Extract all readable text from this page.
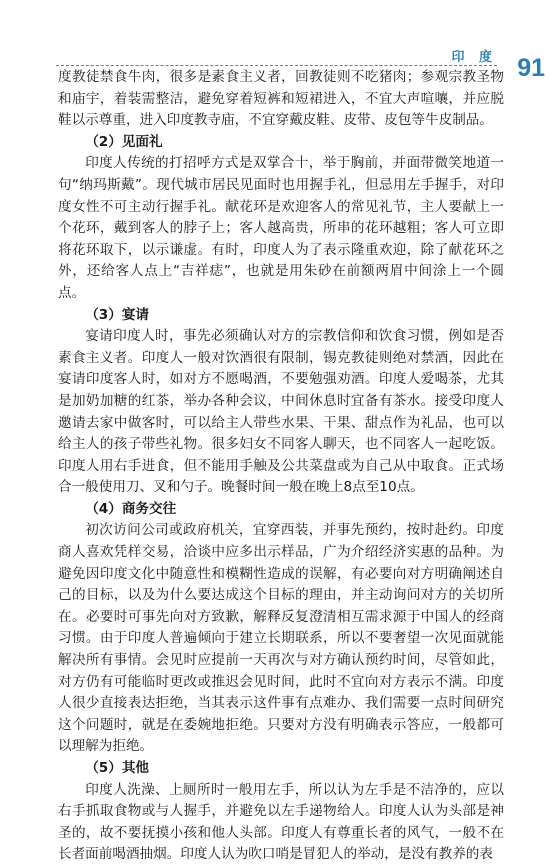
印 度 91

度教徒禁食牛肉，很多是素食主义者，回教徒则不吃猪肉；参观宗教圣物和庙宇，着装需整洁，避免穿着短裤和短裙进入，不宜大声喧嚷，并应脱鞋以示尊重，进入印度教寺庙，不宜穿戴皮鞋、皮带、皮包等牛皮制品。

（2）见面礼

印度人传统的打招呼方式是双掌合十，举于胸前，并面带微笑地道一句“纳玛斯戴”。现代城市居民见面时也用握手礼，但忌用左手握手，对印度女性不可主动行握手礼。献花环是欢迎客人的常见礼节，主人要献上一个花环，戴到客人的脖子上；客人越高贵，所串的花环越粗；客人可立即将花环取下，以示谦虚。有时，印度人为了表示隆重欢迎，除了献花环之外，还给客人点上“吉祥痣”，也就是用朱砂在前额两眉中间涂上一个圆点。

（3）宴请

宴请印度人时，事先必须确认对方的宗教信仰和饮食习惯，例如是否素食主义者。印度人一般对饮酒很有限制，锡克教徒则绝对禁酒，因此在宴请印度客人时，如对方不愿喝酒，不要勉强劝酒。印度人爱喝茶，尤其是加奶加糖的红茶，举办各种会议，中间休息时宜备有茶水。接受印度人邀请去家中做客时，可以给主人带些水果、干果、甜点作为礼品，也可以给主人的孩子带些礼物。很多妇女不同客人聊天，也不同客人一起吃饭。印度人用右手进食，但不能用手触及公共菜盘或为自己从中取食。正式场合一般使用刀、叉和勺子。晚餐时间一般在晚上8点至10点。

（4）商务交往

初次访问公司或政府机关，宜穿西装，并事先预约，按时赴约。印度商人喜欢凭样交易，洽谈中应多出示样品，广为介绍经济实惠的品种。为避免因印度文化中随意性和模糊性造成的误解，有必要向对方明确阐述自己的目标，以及为什么要达成这个目标的理由，并主动询问对方的关切所在。必要时可事先向对方致歉，解释反复澄清相互需求源于中国人的经商习惯。由于印度人普遍倾向于建立长期联系，所以不要奢望一次见面就能解决所有事情。会见时应提前一天再次与对方确认预约时间，尽管如此，对方仍有可能临时更改或推迟会见时间，此时不宜向对方表示不满。印度人很少直接表达拒绝，当其表示这件事有点难办、我们需要一点时间研究这个问题时，就是在委婉地拒绝。只要对方没有明确表示答应，一般都可以理解为拒绝。

（5）其他

印度人洗澡、上厕所时一般用左手，所以认为左手是不洁净的，应以右手抓取食物或与人握手，并避免以左手递物给人。印度人认为头部是神圣的，故不要抚摸小孩和他人头部。印度人有尊重长者的风气，一般不在长者面前喝酒抽烟。印度人认为吹口哨是冒犯人的举动，是没有教养的表
